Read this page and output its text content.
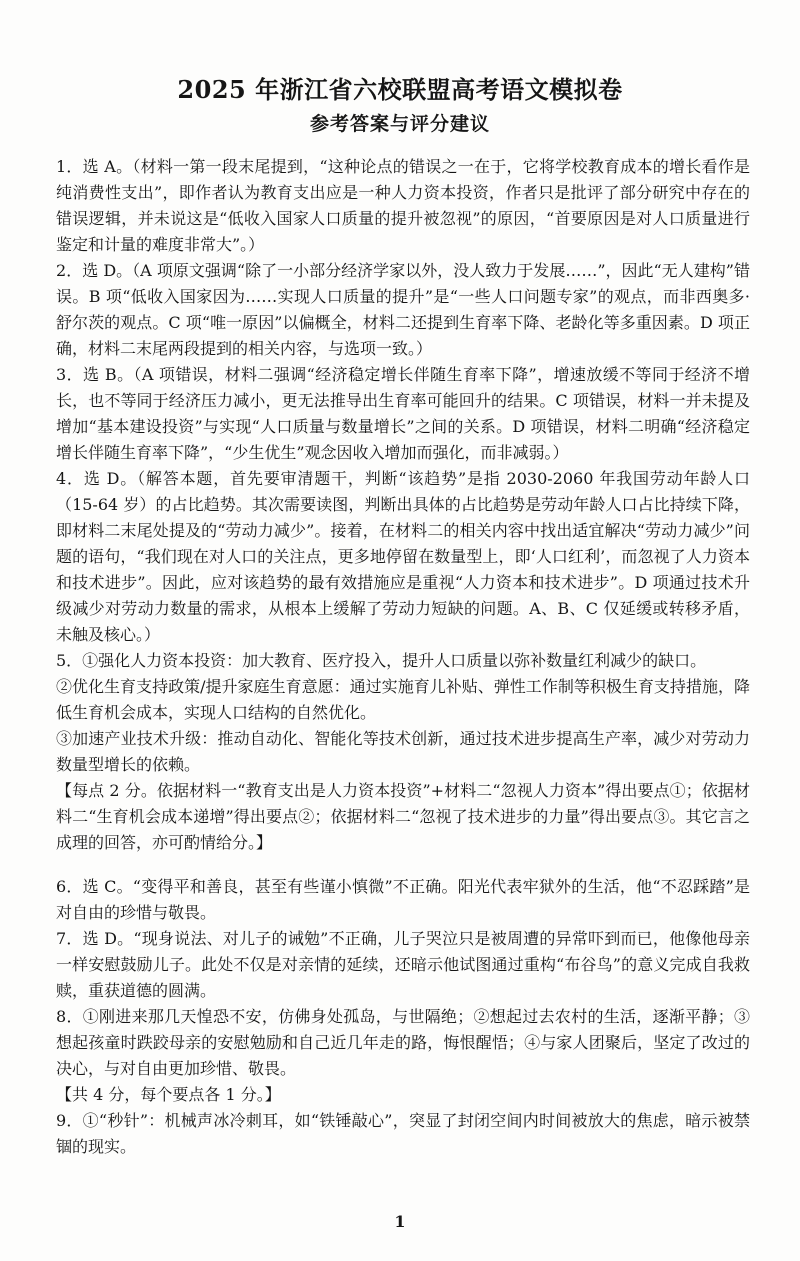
2025 年浙江省六校联盟高考语文模拟卷
参考答案与评分建议

1．选 A。（材料一第一段末尾提到，“这种论点的错误之一在于，它将学校教育成本的增长看作是纯消费性支出”，即作者认为教育支出应是一种人力资本投资，作者只是批评了部分研究中存在的错误逻辑，并未说这是“低收入国家人口质量的提升被忽视”的原因，“首要原因是对人口质量进行鉴定和计量的难度非常大”。）

2．选 D。（A 项原文强调“除了一小部分经济学家以外，没人致力于发展……”，因此“无人建构”错误。B 项“低收入国家因为……实现人口质量的提升”是“一些人口问题专家”的观点，而非西奥多·舒尔茨的观点。C 项“唯一原因”以偏概全，材料二还提到生育率下降、老龄化等多重因素。D 项正确，材料二末尾两段提到的相关内容，与选项一致。）

3．选 B。（A 项错误，材料二强调“经济稳定增长伴随生育率下降”，增速放缓不等同于经济不增长，也不等同于经济压力减小，更无法推导出生育率可能回升的结果。C 项错误，材料一并未提及增加“基本建设投资”与实现“人口质量与数量增长”之间的关系。D 项错误，材料二明确“经济稳定增长伴随生育率下降”，“少生优生”观念因收入增加而强化，而非减弱。）

4．选 D。（解答本题，首先要审清题干，判断“该趋势”是指 2030-2060 年我国劳动年龄人口（15-64 岁）的占比趋势。其次需要读图，判断出具体的占比趋势是劳动年龄人口占比持续下降，即材料二末尾处提及的“劳动力减少”。接着，在材料二的相关内容中找出适宜解决“劳动力减少”问题的语句，“我们现在对人口的关注点，更多地停留在数量型上，即‘人口红利’，而忽视了人力资本和技术进步”。因此，应对该趋势的最有效措施应是重视“人力资本和技术进步”。D 项通过技术升级减少对劳动力数量的需求，从根本上缓解了劳动力短缺的问题。A、B、C 仅延缓或转移矛盾，未触及核心。）

5．①强化人力资本投资：加大教育、医疗投入，提升人口质量以弥补数量红利减少的缺口。

②优化生育支持政策/提升家庭生育意愿：通过实施育儿补贴、弹性工作制等积极生育支持措施，降低生育机会成本，实现人口结构的自然优化。

③加速产业技术升级：推动自动化、智能化等技术创新，通过技术进步提高生产率，减少对劳动力数量型增长的依赖。

【每点 2 分。依据材料一“教育支出是人力资本投资”+材料二“忽视人力资本”得出要点①；依据材料二“生育机会成本递增”得出要点②；依据材料二“忽视了技术进步的力量”得出要点③。其它言之成理的回答，亦可酌情给分。】

6．选 C。“变得平和善良，甚至有些谨小慎微”不正确。阳光代表牢狱外的生活，他“不忍踩踏”是对自由的珍惜与敬畏。

7．选 D。“现身说法、对儿子的诫勉”不正确，儿子哭泣只是被周遭的异常吓到而已，他像他母亲一样安慰鼓励儿子。此处不仅是对亲情的延续，还暗示他试图通过重构“布谷鸟”的意义完成自我救赎，重获道德的圆满。

8．①刚进来那几天惶恐不安，仿佛身处孤岛，与世隔绝；②想起过去农村的生活，逐渐平静；③想起孩童时跌跤母亲的安慰勉励和自己近几年走的路，悔恨醒悟；④与家人团聚后，坚定了改过的决心，与对自由更加珍惜、敬畏。

【共 4 分，每个要点各 1 分。】

9．①“秒针”：机械声冰冷刺耳，如“铁锤敲心”，突显了封闭空间内时间被放大的焦虑，暗示被禁锢的现实。

1
